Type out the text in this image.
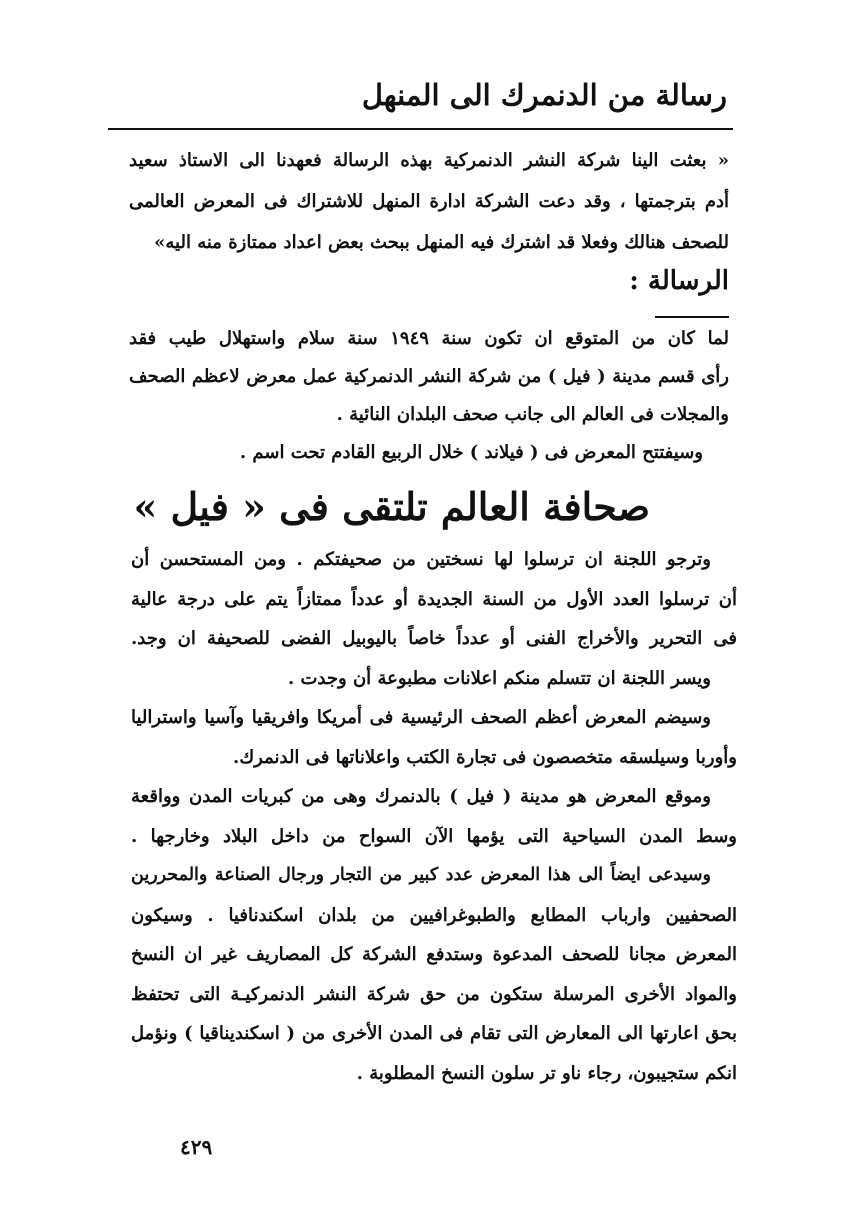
رسالة من الدنمرك الى المنهل
« بعثت الينا شركة النشر الدنمركية بهذه الرسالة فعهدنا الى الاستاذ سعيد
أدم بترجمتها ، وقد دعت الشركة ادارة المنهل للاشتراك فى المعرض العالمى
للصحف هنالك وفعلا قد اشترك فيه المنهل ببحث بعض اعداد ممتازة منه اليه»
الرسالة :
لما كان من المتوقع ان تكون سنة ١٩٤٩ سنة سلام واستهلال طيب فقد
رأى قسم مدينة ( فيل ) من شركة النشر الدنمركية عمل معرض لاعظم الصحف
والمجلات فى العالم الى جانب صحف البلدان النائية .
وسيفتتح المعرض فى ( فيلاند ) خلال الربيع القادم تحت اسم .
صحافة العالم تلتقى فى « فيل »
وترجو اللجنة ان ترسلوا لها نسختين من صحيفتكم . ومن المستحسن أن
أن ترسلوا العدد الأول من السنة الجديدة أو عدداً ممتازاً يتم على درجة عالية
فى التحرير والأخراج الفنى أو عدداً خاصاً بالیوبیل الفضى للصحيفة ان وجد.
ويسر اللجنة ان تتسلم منكم اعلانات مطبوعة أن وجدت .
وسيضم المعرض أعظم الصحف الرئيسية فى أمريكا وافريقيا وآسيا واستراليا
وأوربا وسيلسقه متخصصون فى تجارة الكتب واعلاناتها فى الدنمرك.
وموقع المعرض هو مدينة ( فيل ) بالدنمرك وهى من كبريات المدن وواقعة
وسط المدن السياحية التى يؤمها الآن السواح من داخل البلاد وخارجها .
وسيدعى ايضاً الى هذا المعرض عدد كبير من التجار ورجال الصناعة والمحررين
الصحفيين وارباب المطابع والطبوغرافيين من بلدان اسكندنافيا . وسيكون
المعرض مجانا للصحف المدعوة وستدفع الشركة كل المصاريف غير ان النسخ
والمواد الأخرى المرسلة ستكون من حق شركة النشر الدنمركيـة التى تحتفظ
بحق اعارتها الى المعارض التى تقام فى المدن الأخرى من ( اسكنديناقيا ) ونؤمل
انكم ستجيبون، رجاء ناو تر سلون النسخ المطلوبة .
٤٢٩
